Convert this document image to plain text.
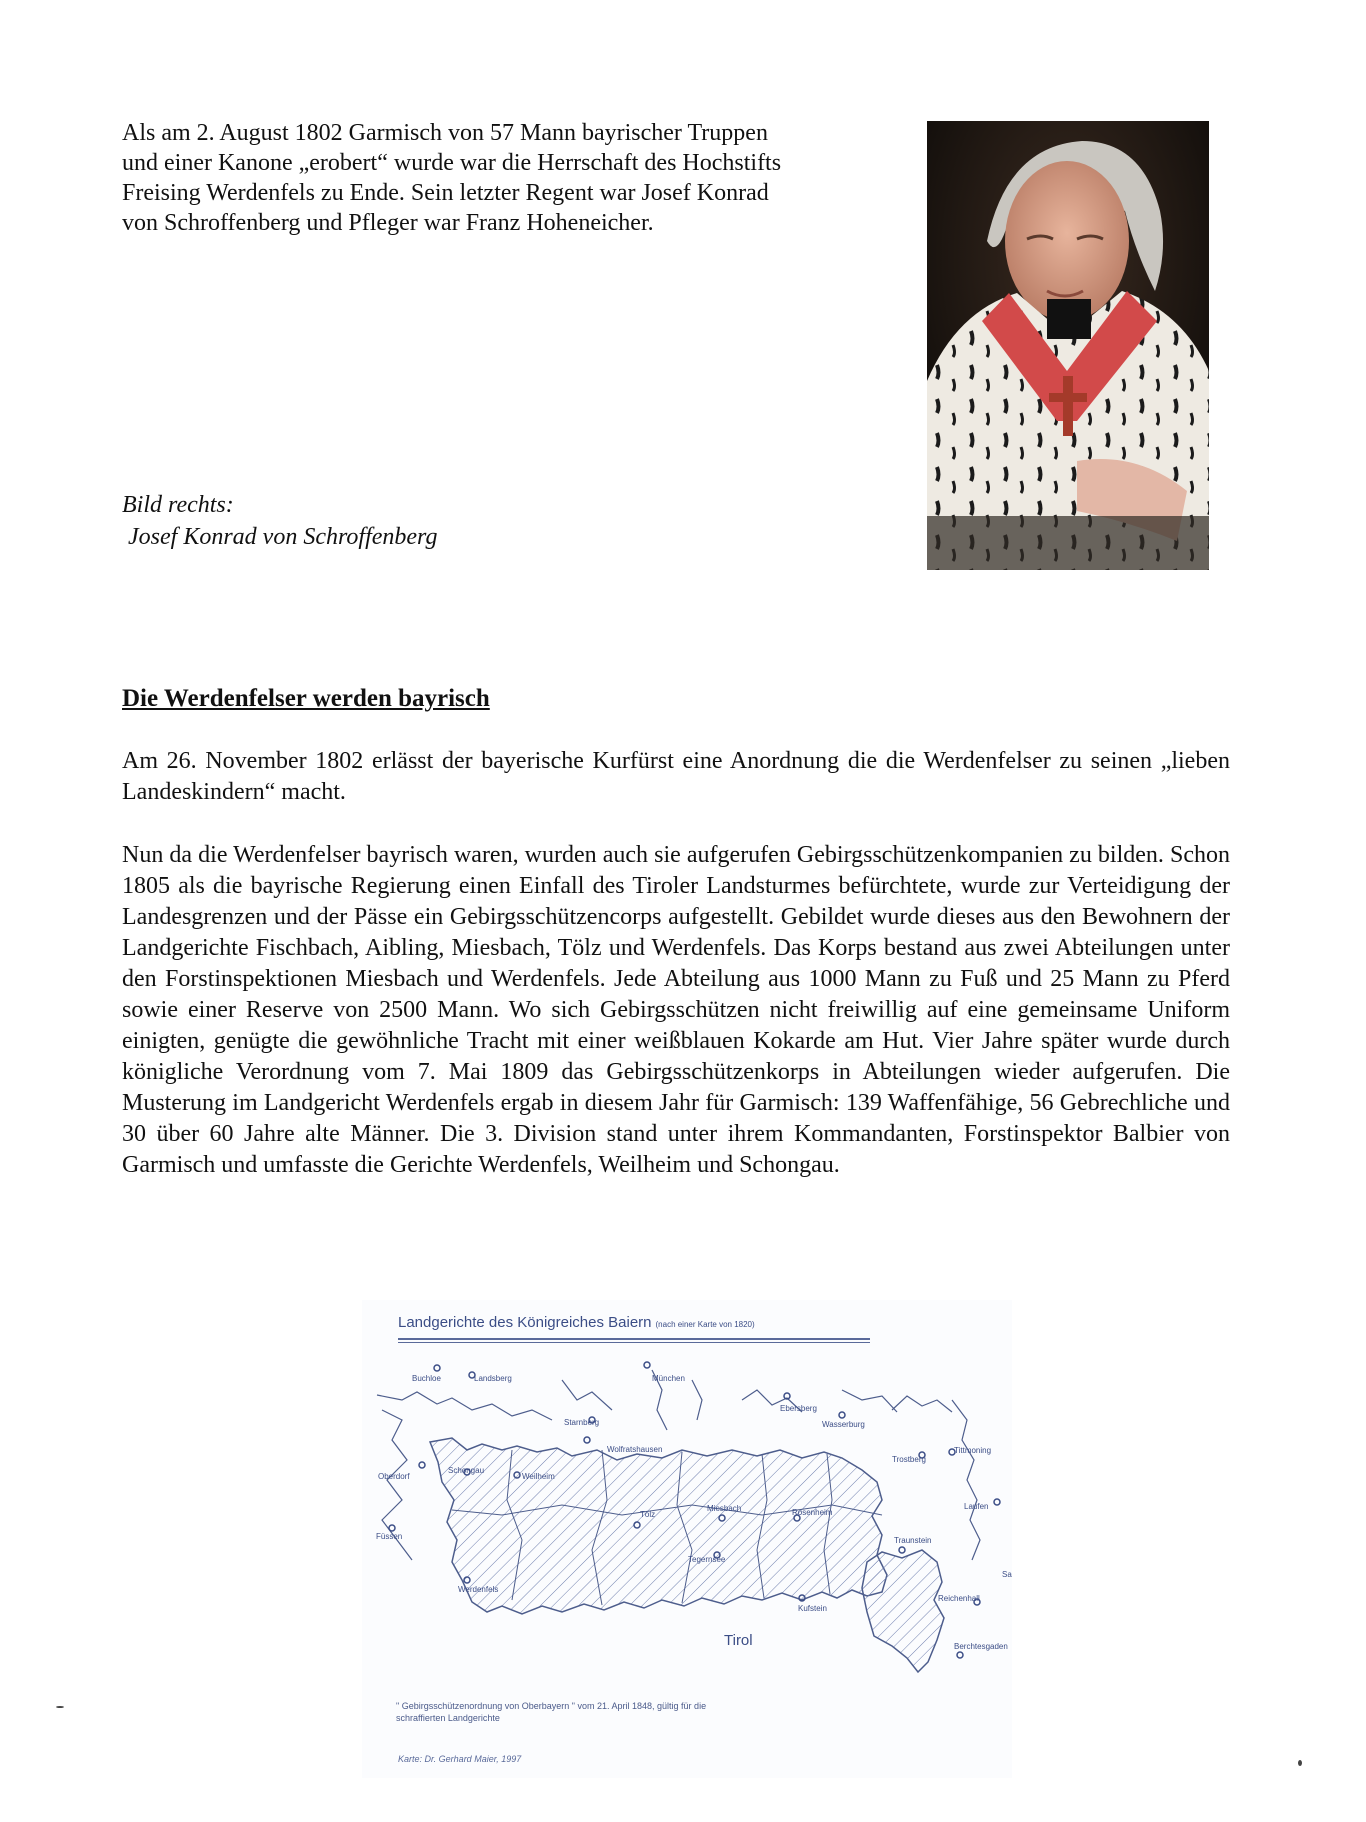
Als am 2. August 1802 Garmisch von 57 Mann bayrischer Truppen und einer Kanone „erobert“ wurde war die Herrschaft des Hochstifts Freising Werdenfels zu Ende. Sein letzter Regent war Josef Konrad von Schroffenberg und Pfleger war Franz Hoheneicher.

Bild rechts:

Josef Konrad von Schroffenberg

Die Werdenfelser werden bayrisch

Am 26. November 1802 erlässt der bayerische Kurfürst eine Anordnung die die Werdenfelser zu seinen „lieben Landeskindern“ macht.

Nun da die Werdenfelser bayrisch waren, wurden auch sie aufgerufen Gebirgsschützenkompanien zu bilden. Schon 1805 als die bayrische Regierung einen Einfall des Tiroler Landsturmes befürchtete, wurde zur Verteidigung der Landesgrenzen und der Pässe ein Gebirgsschützencorps aufgestellt. Gebildet wurde dieses aus den Bewohnern der Landgerichte Fischbach, Aibling, Miesbach, Tölz und Werdenfels. Das Korps bestand aus zwei Abteilungen unter den Forstinspektionen Miesbach und Werdenfels. Jede Abteilung aus 1000 Mann zu Fuß und 25 Mann zu Pferd sowie einer Reserve von 2500 Mann. Wo sich Gebirgsschützen nicht freiwillig auf eine gemeinsame Uniform einigten, genügte die gewöhnliche Tracht mit einer weißblauen Kokarde am Hut. Vier Jahre später wurde durch königliche Verordnung vom 7. Mai 1809 das Gebirgsschützenkorps in Abteilungen wieder aufgerufen. Die Musterung im Landgericht Werdenfels ergab in diesem Jahr für Garmisch: 139 Waffenfähige, 56 Gebrechliche und 30 über 60 Jahre alte Männer. Die 3. Division stand unter ihrem Kommandanten, Forstinspektor Balbier von Garmisch und umfasste die Gerichte Werdenfels, Weilheim und Schongau.

Landgerichte des Königreiches Baiern (nach einer Karte von 1820)

Buchloe	Landsberg	München

Ebersberg

Wasserburg

Starnberg

Wolfratshausen

Oberdorf

Schongau

Weilheim

Trostberg

Tittmoning

Laufen

Füssen

Tölz

Miesbach	Rosenheim

Traunstein

Tegernsee

Werdenfels

Kufstein

Reichenhall

Berchtesgaden

Tirol

Sa

" Gebirgsschützenordnung von Oberbayern " vom 21. April 1848, gültig für die schraffierten Landgerichte

Karte: Dr. Gerhard Maier, 1997
